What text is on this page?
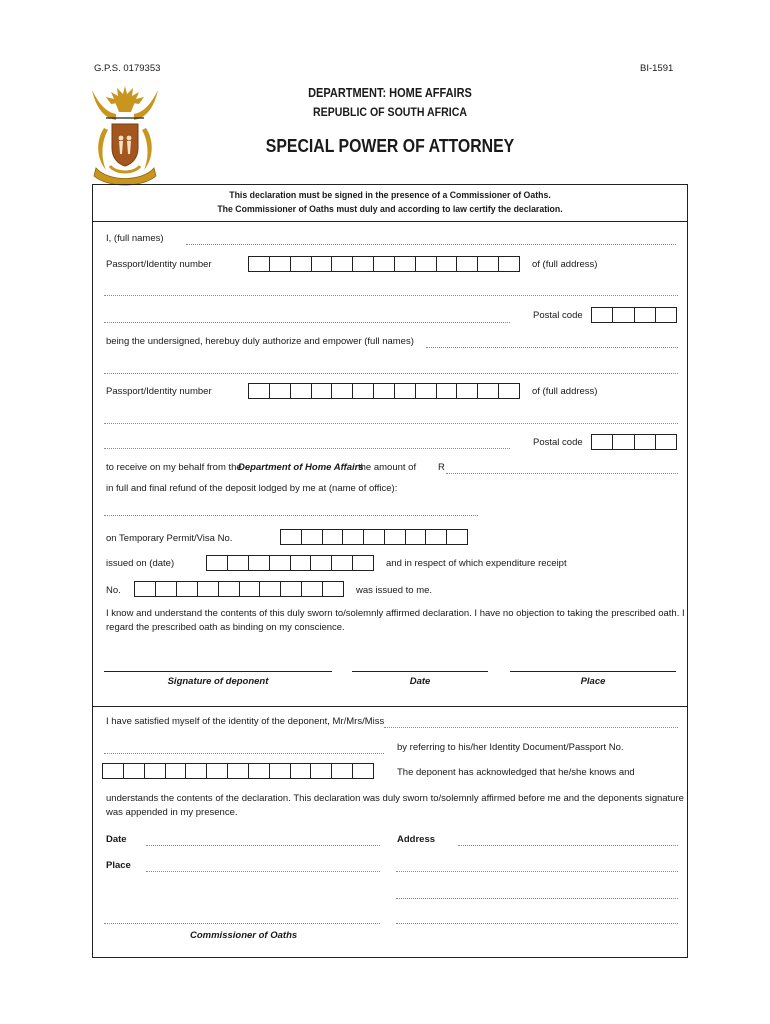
G.P.S. 0179353	BI-1591
DEPARTMENT: HOME AFFAIRS
REPUBLIC OF SOUTH AFRICA
SPECIAL POWER OF ATTORNEY
This declaration must be signed in the presence of a Commissioner of Oaths.
The Commissioner of Oaths must duly and according to law certify the declaration.
I, (full names)
Passport/Identity number	of (full address)
Postal code
being the undersigned, herebuy duly authorize and empower (full names)
Passport/Identity number	of (full address)
Postal code
to receive on my behalf from the
Department of Home Affairs
the amount of R
in full and final refund of the deposit lodged by me at (name of office):
on Temporary Permit/Visa No.
issued on (date)	and in respect of which expenditure receipt
No.	was issued to me.
I know and understand the contents of this duly sworn to/solemnly affirmed declaration. I have no objection to taking the prescribed oath. I
regard the prescribed oath as binding on my conscience.
Signature of deponent	Date	Place
I have satisfied myself of the identity of the deponent, Mr/Mrs/Miss
by referring to his/her Identity Document/Passport No.
The deponent has acknowledged that he/she knows and
understands the contents of the declaration. This declaration was duly sworn to/solemnly affirmed before me and the deponents signature
was appended in my presence.
Date	Address
Place
Commissioner of Oaths
